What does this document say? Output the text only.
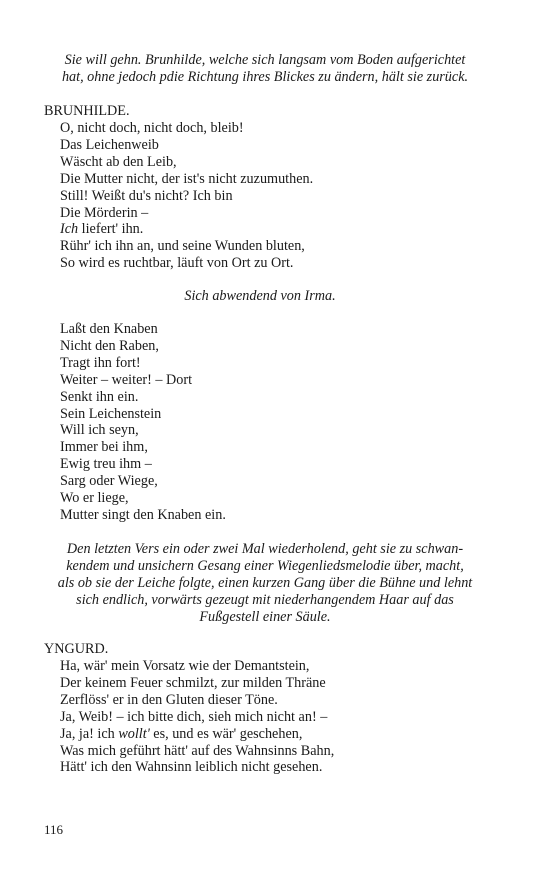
Sie will gehn. Brunhilde, welche sich langsam vom Boden aufgerichtet
hat, ohne jedoch pdie Richtung ihres Blickes zu ändern, hält sie zurück.
BRUNHILDE.
O, nicht doch, nicht doch, bleib!
Das Leichenweib
Wäscht ab den Leib,
Die Mutter nicht, der ist's nicht zuzumuthen.
Still! Weißt du's nicht? Ich bin
Die Mörderin –
Ich liefert' ihn.
Rühr' ich ihn an, und seine Wunden bluten,
So wird es ruchtbar, läuft von Ort zu Ort.
Sich abwendend von Irma.
Laßt den Knaben
Nicht den Raben,
Tragt ihn fort!
Weiter – weiter! – Dort
Senkt ihn ein.
Sein Leichenstein
Will ich seyn,
Immer bei ihm,
Ewig treu ihm –
Sarg oder Wiege,
Wo er liege,
Mutter singt den Knaben ein.
Den letzten Vers ein oder zwei Mal wiederholend, geht sie zu schwan-
kendem und unsichern Gesang einer Wiegenliedsmelodie über, macht,
als ob sie der Leiche folgte, einen kurzen Gang über die Bühne und lehnt
sich endlich, vorwärts gezeugt mit niederhangendem Haar auf das
Fußgestell einer Säule.
YNGURD.
Ha, wär' mein Vorsatz wie der Demantstein,
Der keinem Feuer schmilzt, zur milden Thräne
Zerflöss' er in den Gluten dieser Töne.
Ja, Weib! – ich bitte dich, sieh mich nicht an! –
Ja, ja! ich wollt' es, und es wär' geschehen,
Was mich geführt hätt' auf des Wahnsinns Bahn,
Hätt' ich den Wahnsinn leiblich nicht gesehen.
116
